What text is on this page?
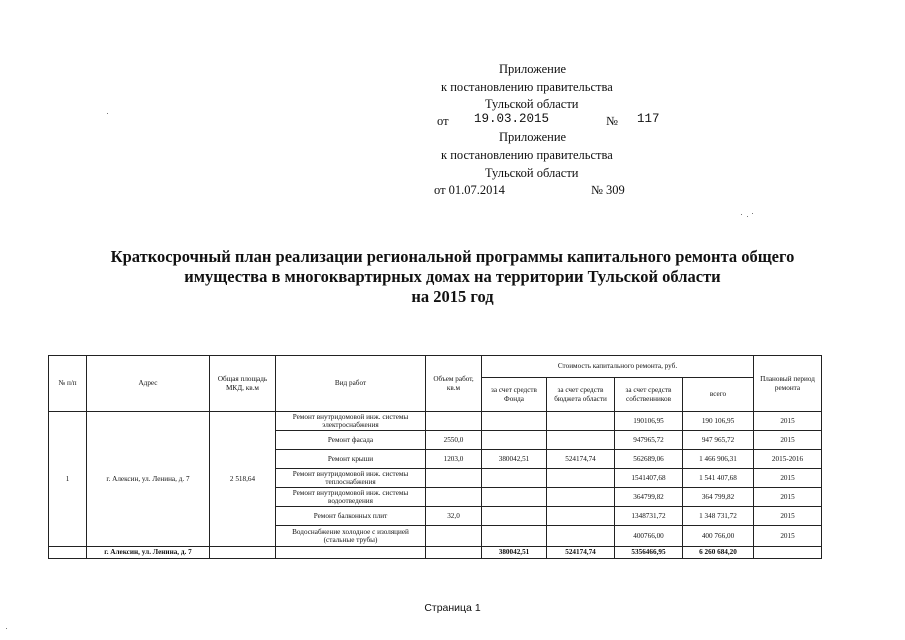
Приложение
к постановлению правительства
Тульской области
от 19.03.2015	№ 117
Приложение
к постановлению правительства
Тульской области
от 01.07.2014	№ 309
Краткосрочный план реализации региональной программы капитального ремонта общего
имущества в многоквартирных домах на территории Тульской области
на 2015 год
№ п/п	Адрес	Общая площадь МКД, кв.м	Вид работ	Объем работ, кв.м	Стоимость капитального ремонта, руб.				Плановый период ремонта
					за счет средств Фонда	за счет средств бюджета области	за счет средств собственников	всего	
1	г. Алексин, ул. Ленина, д. 7	2 518,64	Ремонт внутридомовой инж. системы электроснабжения				190106,95	190 106,95	2015
			Ремонт фасада	2550,0			947965,72	947 965,72	2015
			Ремонт крыши	1203,0	380042,51	524174,74	562689,06	1 466 906,31	2015-2016
			Ремонт внутридомовой инж. системы теплоснабжения				1541407,68	1 541 407,68	2015
			Ремонт внутридомовой инж. системы водоотведения				364799,82	364 799,82	2015
			Ремонт балконных плит	32,0			1348731,72	1 348 731,72	2015
			Водоснабжение холодное с изоляцией (стальные трубы)				400766,00	400 766,00	2015
	г. Алексин, ул. Ленина, д. 7				380042,51	524174,74	5356466,95	6 260 684,20	
Страница 1
